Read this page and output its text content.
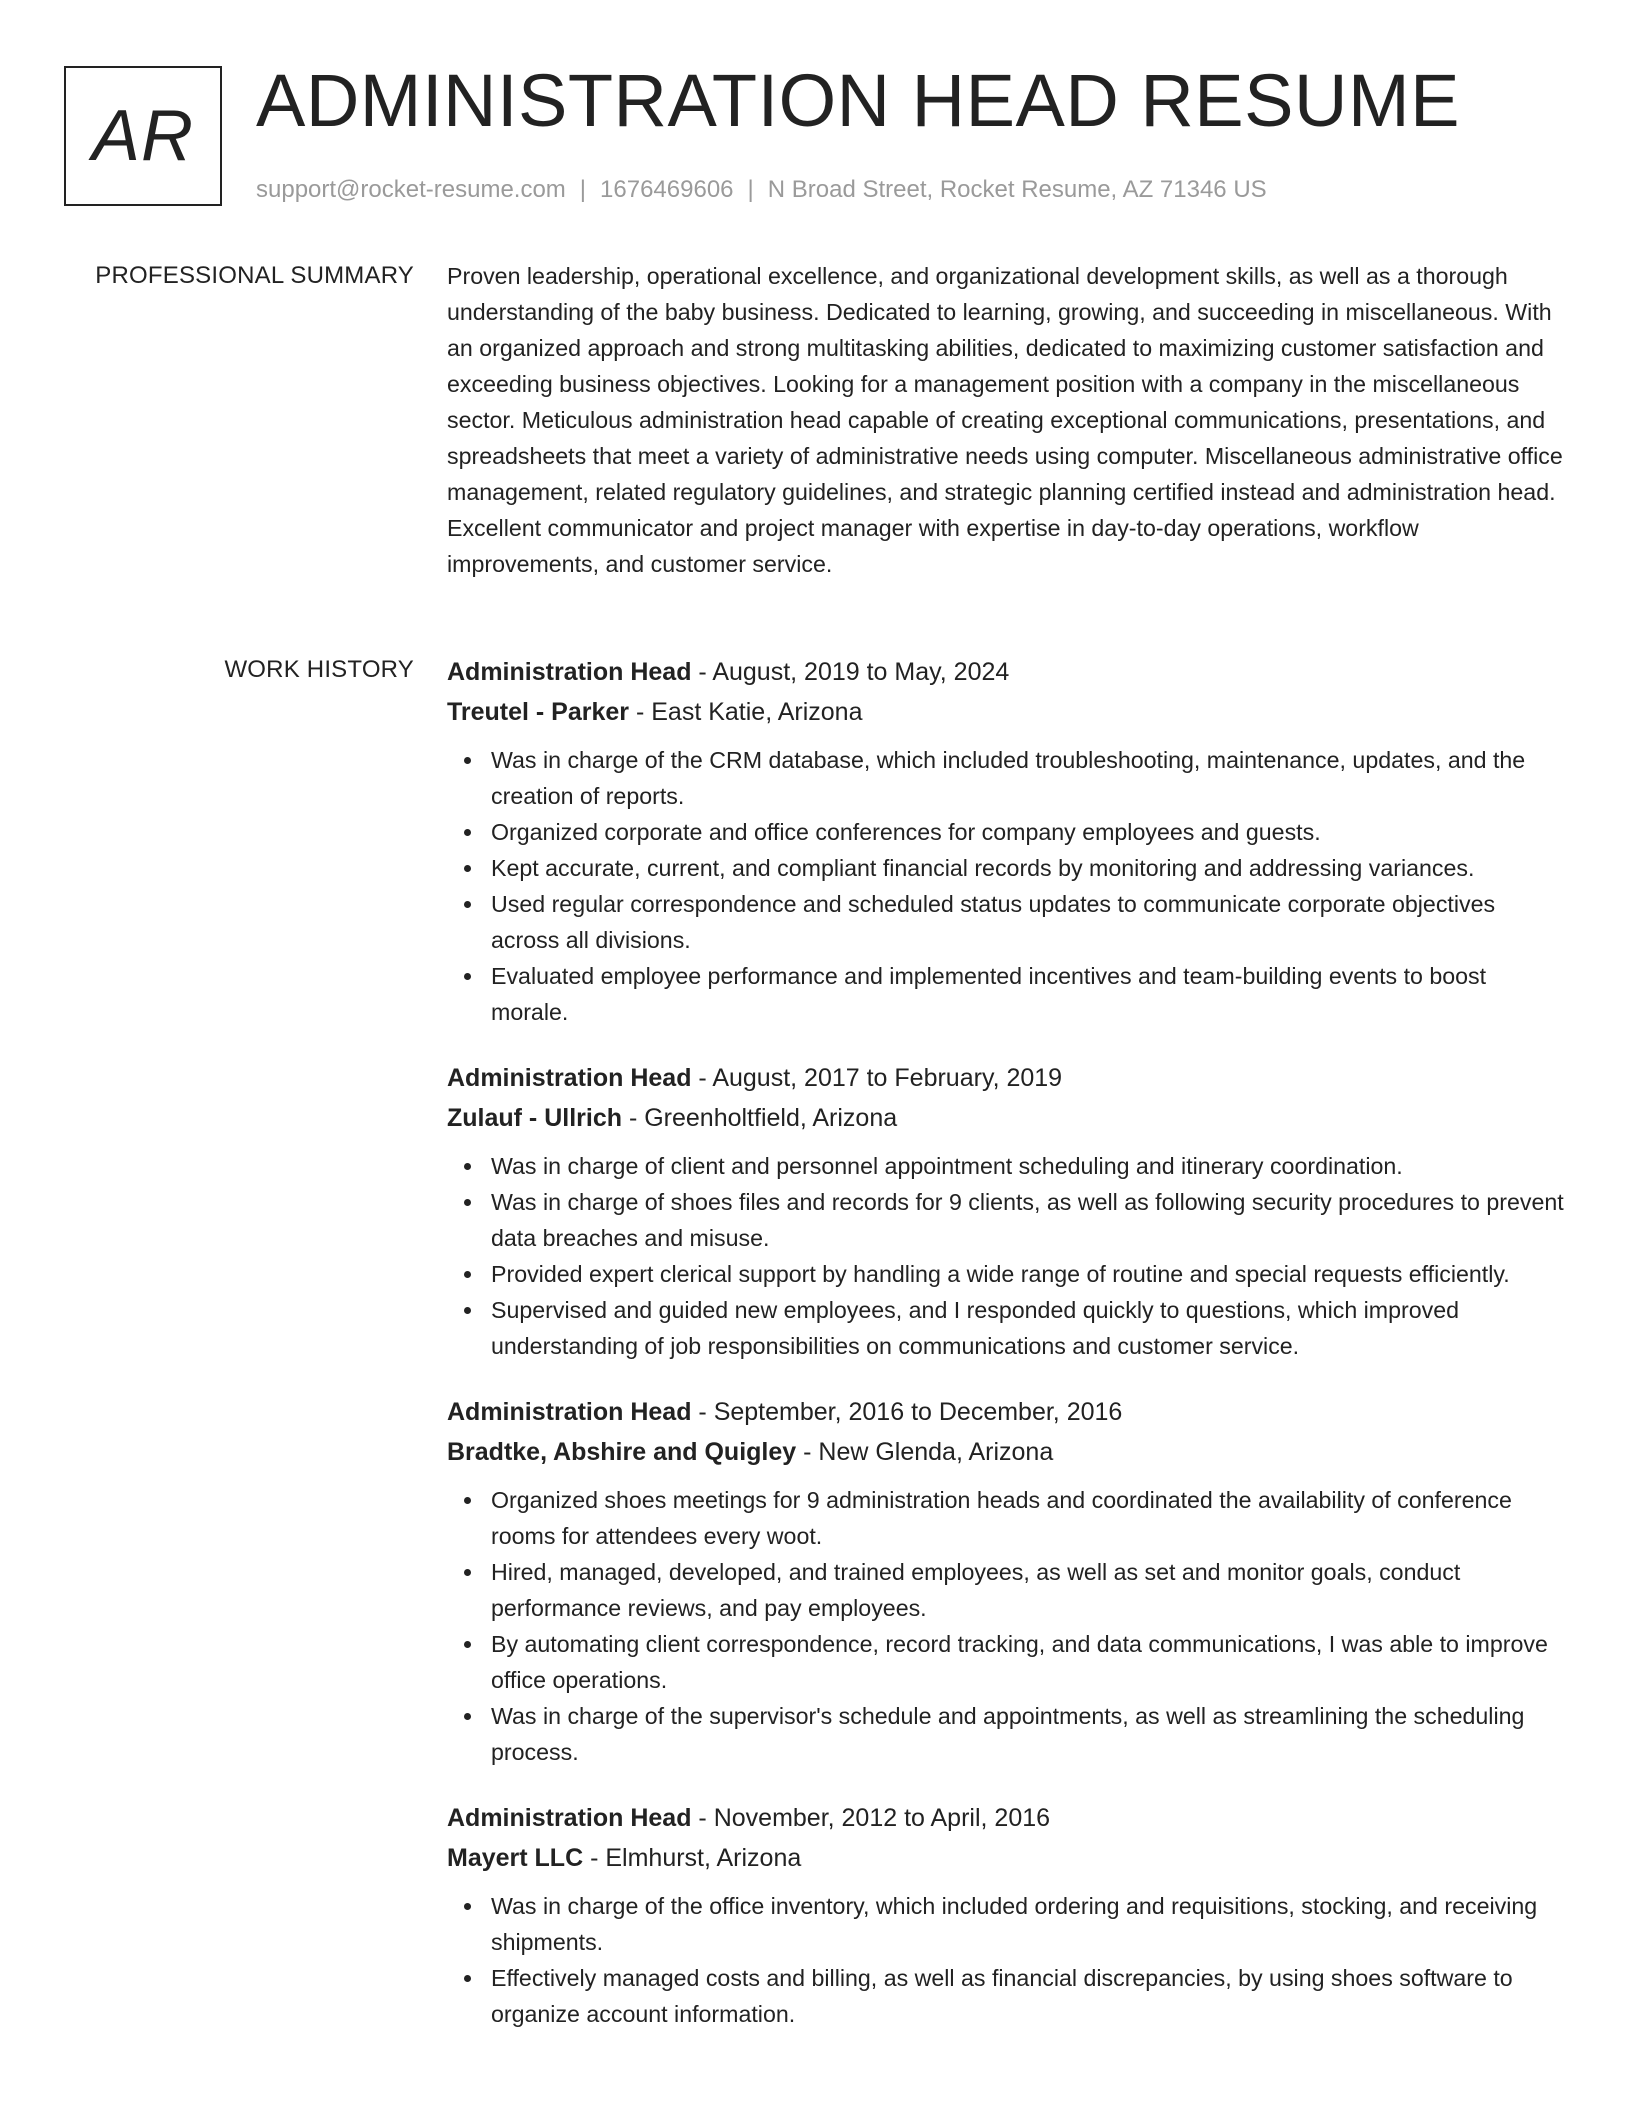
AR ADMINISTRATION HEAD RESUME
support@rocket-resume.com | 1676469606 | N Broad Street, Rocket Resume, AZ 71346 US
PROFESSIONAL SUMMARY Proven leadership, operational excellence, and organizational development skills, as well as a thorough understanding of the baby business. Dedicated to learning, growing, and succeeding in miscellaneous. With an organized approach and strong multitasking abilities, dedicated to maximizing customer satisfaction and exceeding business objectives. Looking for a management position with a company in the miscellaneous sector. Meticulous administration head capable of creating exceptional communications, presentations, and spreadsheets that meet a variety of administrative needs using computer. Miscellaneous administrative office management, related regulatory guidelines, and strategic planning certified instead and administration head. Excellent communicator and project manager with expertise in day-to-day operations, workflow improvements, and customer service.

WORK HISTORY Administration Head - August, 2019 to May, 2024
Treutel - Parker - East Katie, Arizona
Was in charge of the CRM database, which included troubleshooting, maintenance, updates, and the creation of reports.
Organized corporate and office conferences for company employees and guests.
Kept accurate, current, and compliant financial records by monitoring and addressing variances.
Used regular correspondence and scheduled status updates to communicate corporate objectives across all divisions.
Evaluated employee performance and implemented incentives and team-building events to boost morale.
Administration Head - August, 2017 to February, 2019
Zulauf - Ullrich - Greenholtfield, Arizona
Was in charge of client and personnel appointment scheduling and itinerary coordination.
Was in charge of shoes files and records for 9 clients, as well as following security procedures to prevent data breaches and misuse.
Provided expert clerical support by handling a wide range of routine and special requests efficiently.
Supervised and guided new employees, and I responded quickly to questions, which improved understanding of job responsibilities on communications and customer service.
Administration Head - September, 2016 to December, 2016
Bradtke, Abshire and Quigley - New Glenda, Arizona
Organized shoes meetings for 9 administration heads and coordinated the availability of conference rooms for attendees every woot.
Hired, managed, developed, and trained employees, as well as set and monitor goals, conduct performance reviews, and pay employees.
By automating client correspondence, record tracking, and data communications, I was able to improve office operations.
Was in charge of the supervisor's schedule and appointments, as well as streamlining the scheduling process.
Administration Head - November, 2012 to April, 2016
Mayert LLC - Elmhurst, Arizona
Was in charge of the office inventory, which included ordering and requisitions, stocking, and receiving shipments.
Effectively managed costs and billing, as well as financial discrepancies, by using shoes software to organize account information.
